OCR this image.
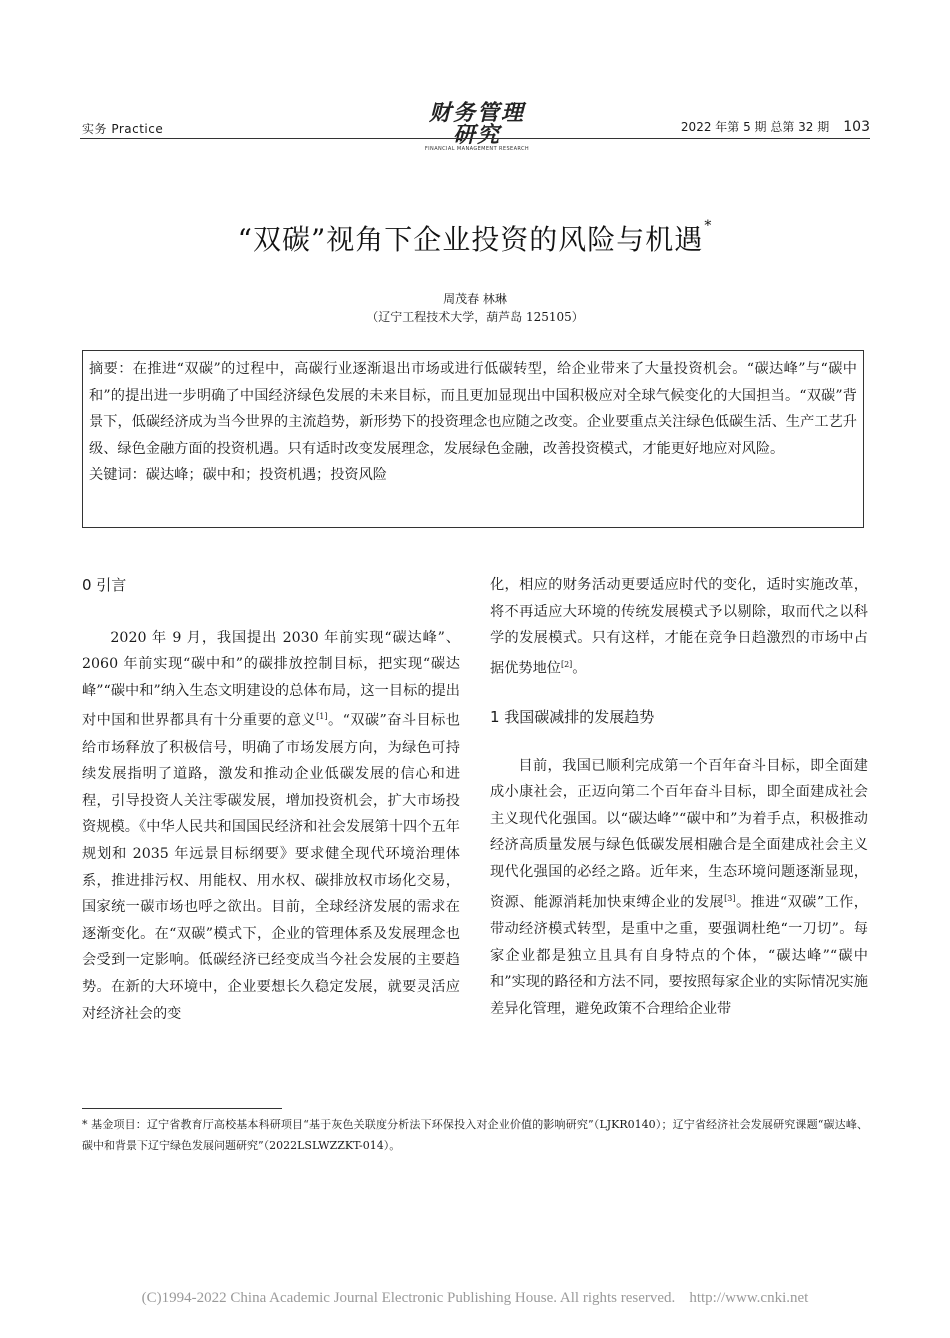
实务 Practice
财务管理研究
FINANCIAL MANAGEMENT RESEARCH
2022 年第 5 期 总第 32 期 103
“双碳”视角下企业投资的风险与机遇*
周茂春 林琳
（辽宁工程技术大学，葫芦岛 125105）
摘要：在推进“双碳”的过程中，高碳行业逐渐退出市场或进行低碳转型，给企业带来了大量投资机会。“碳达峰”与“碳中和”的提出进一步明确了中国经济绿色发展的未来目标，而且更加显现出中国积极应对全球气候变化的大国担当。“双碳”背景下，低碳经济成为当今世界的主流趋势，新形势下的投资理念也应随之改变。企业要重点关注绿色低碳生活、生产工艺升级、绿色金融方面的投资机遇。只有适时改变发展理念，发展绿色金融，改善投资模式，才能更好地应对风险。
关键词：碳达峰；碳中和；投资机遇；投资风险
0 引言

2020 年 9 月，我国提出 2030 年前实现“碳达峰”、2060 年前实现“碳中和”的碳排放控制目标，把实现“碳达峰”“碳中和”纳入生态文明建设的总体布局，这一目标的提出对中国和世界都具有十分重要的意义[1]。“双碳”奋斗目标也给市场释放了积极信号，明确了市场发展方向，为绿色可持续发展指明了道路，激发和推动企业低碳发展的信心和进程，引导投资人关注零碳发展，增加投资机会，扩大市场投资规模。《中华人民共和国国民经济和社会发展第十四个五年规划和 2035 年远景目标纲要》要求健全现代环境治理体系，推进排污权、用能权、用水权、碳排放权市场化交易，国家统一碳市场也呼之欲出。目前，全球经济发展的需求在逐渐变化。在“双碳”模式下，企业的管理体系及发展理念也会受到一定影响。低碳经济已经变成当今社会发展的主要趋势。在新的大环境中，企业要想长久稳定发展，就要灵活应对经济社会的变

化，相应的财务活动更要适应时代的变化，适时实施改革，将不再适应大环境的传统发展模式予以剔除，取而代之以科学的发展模式。只有这样，才能在竞争日趋激烈的市场中占据优势地位[2]。

1 我国碳减排的发展趋势

目前，我国已顺利完成第一个百年奋斗目标，即全面建成小康社会，正迈向第二个百年奋斗目标，即全面建成社会主义现代化强国。以“碳达峰”“碳中和”为着手点，积极推动经济高质量发展与绿色低碳发展相融合是全面建成社会主义现代化强国的必经之路。近年来，生态环境问题逐渐显现，资源、能源消耗加快束缚企业的发展[3]。推进“双碳”工作，带动经济模式转型，是重中之重，要强调杜绝“一刀切”。每家企业都是独立且具有自身特点的个体，“碳达峰”“碳中和”实现的路径和方法不同，要按照每家企业的实际情况实施差异化管理，避免政策不合理给企业带

* 基金项目：辽宁省教育厅高校基本科研项目“基于灰色关联度分析法下环保投入对企业价值的影响研究”（LJKR0140）；辽宁省经济社会发展研究课题“碳达峰、碳中和背景下辽宁绿色发展问题研究”（2022LSLWZZKT-014）。
(C)1994-2022 China Academic Journal Electronic Publishing House. All rights reserved. http://www.cnki.net
